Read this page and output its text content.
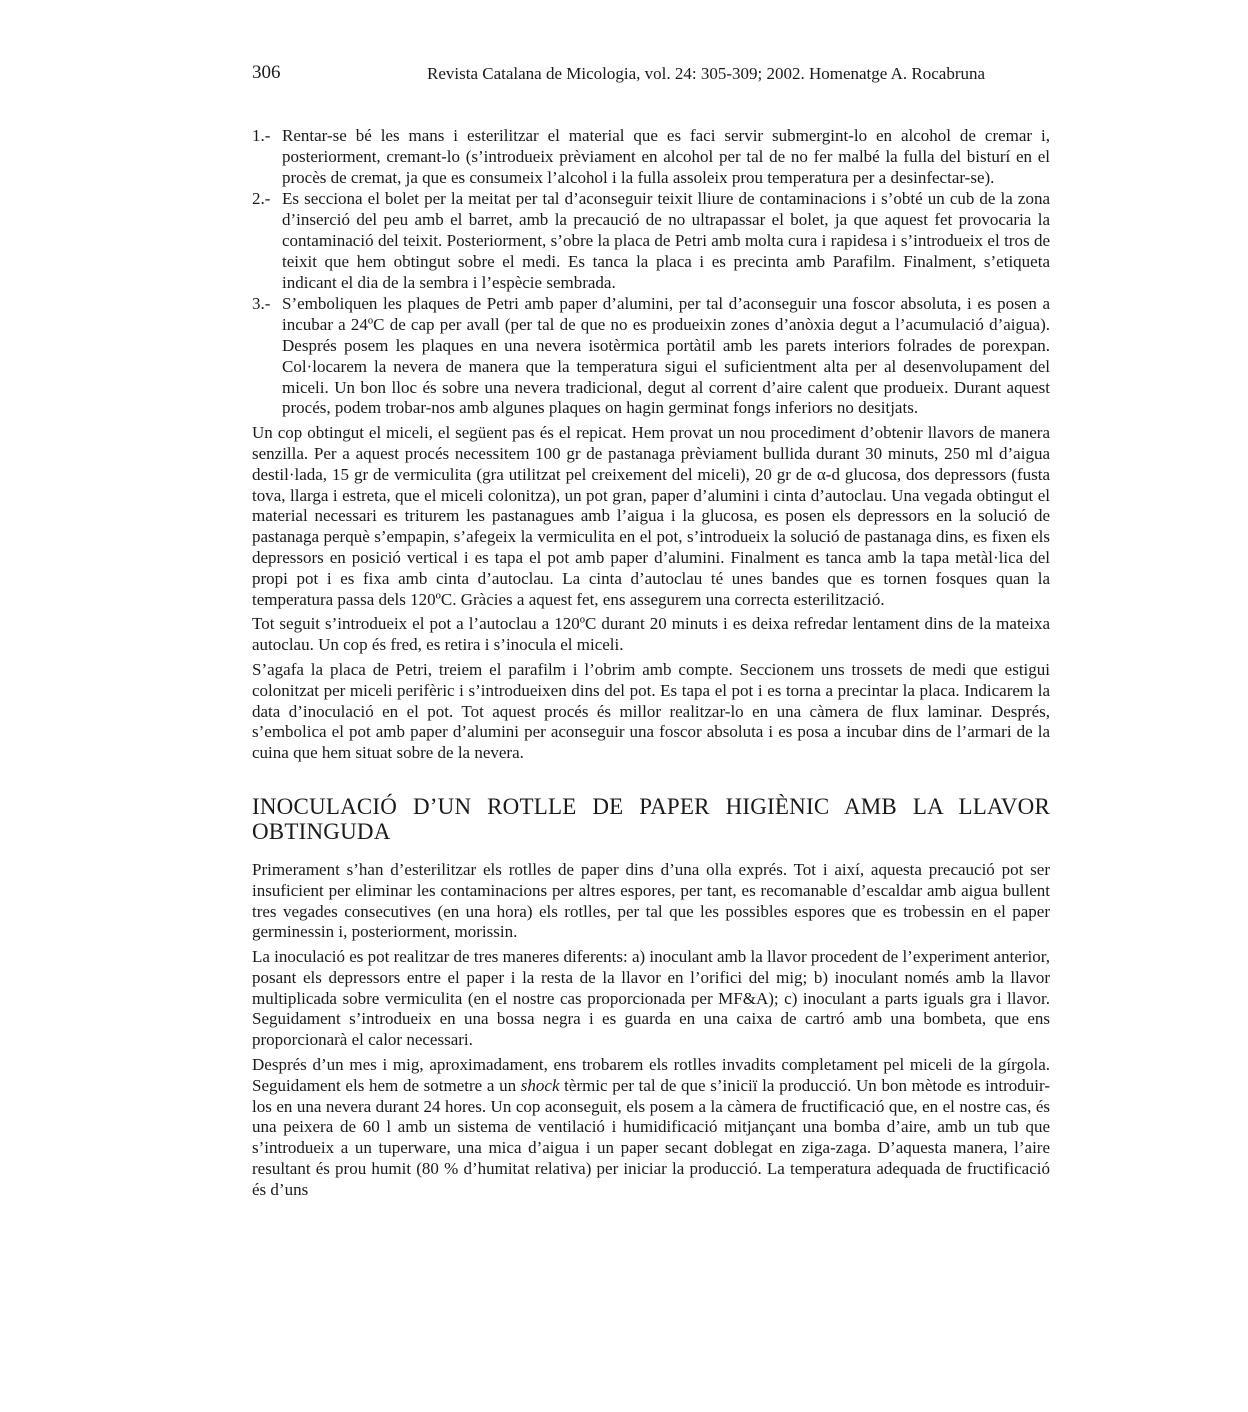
306	Revista Catalana de Micologia, vol. 24: 305-309; 2002. Homenatge A. Rocabruna
1.- Rentar-se bé les mans i esterilitzar el material que es faci servir submergint-lo en alcohol de cremar i, posteriorment, cremant-lo (s’introdueix prèviament en alcohol per tal de no fer malbé la fulla del bisturí en el procès de cremat, ja que es consumeix l’alcohol i la fulla assoleix prou temperatura per a desinfectar-se).
2.- Es secciona el bolet per la meitat per tal d’aconseguir teixit lliure de contaminacions i s’obté un cub de la zona d’inserció del peu amb el barret, amb la precaució de no ultrapassar el bolet, ja que aquest fet provocaria la contaminació del teixit. Posteriorment, s’obre la placa de Petri amb molta cura i rapidesa i s’introdueix el tros de teixit que hem obtingut sobre el medi. Es tanca la placa i es precinta amb Parafilm. Finalment, s’etiqueta indicant el dia de la sembra i l’espècie sembrada.
3.- S’emboliquen les plaques de Petri amb paper d’alumini, per tal d’aconseguir una foscor absoluta, i es posen a incubar a 24ºC de cap per avall (per tal de que no es produeixin zones d’anòxia degut a l’acumulació d’aigua). Després posem les plaques en una nevera isotèrmica portàtil amb les parets interiors folrades de porexpan. Col·locarem la nevera de manera que la temperatura sigui el suficientment alta per al desenvolupament del miceli. Un bon lloc és sobre una nevera tradicional, degut al corrent d’aire calent que produeix. Durant aquest procés, podem trobar-nos amb algunes plaques on hagin germinat fongs inferiors no desitjats.

Un cop obtingut el miceli, el següent pas és el repicat. Hem provat un nou procediment d’obtenir llavors de manera senzilla. Per a aquest procés necessitem 100 gr de pastanaga prèviament bullida durant 30 minuts, 250 ml d’aigua destil·lada, 15 gr de vermiculita (gra utilitzat pel creixement del miceli), 20 gr de α-d glucosa, dos depressors (fusta tova, llarga i estreta, que el miceli colonitza), un pot gran, paper d’alumini i cinta d’autoclau. Una vegada obtingut el material necessari es triturem les pastanagues amb l’aigua i la glucosa, es posen els depressors en la solució de pastanaga perquè s’empapin, s’afegeix la vermiculita en el pot, s’introdueix la solució de pastanaga dins, es fixen els depressors en posició vertical i es tapa el pot amb paper d’alumini. Finalment es tanca amb la tapa metàl·lica del propi pot i es fixa amb cinta d’autoclau. La cinta d’autoclau té unes bandes que es tornen fosques quan la temperatura passa dels 120ºC. Gràcies a aquest fet, ens assegurem una correcta esterilització.

Tot seguit s’introdueix el pot a l’autoclau a 120ºC durant 20 minuts i es deixa refredar lentament dins de la mateixa autoclau. Un cop és fred, es retira i s’inocula el miceli.

S’agafa la placa de Petri, treiem el parafilm i l’obrim amb compte. Seccionem uns trossets de medi que estigui colonitzat per miceli perifèric i s’introdueixen dins del pot. Es tapa el pot i es torna a precintar la placa. Indicarem la data d’inoculació en el pot. Tot aquest procés és millor realitzar-lo en una càmera de flux laminar. Després, s’embolica el pot amb paper d’alumini per aconseguir una foscor absoluta i es posa a incubar dins de l’armari de la cuina que hem situat sobre de la nevera.

INOCULACIÓ D’UN ROTLLE DE PAPER HIGIÈNIC AMB LA LLAVOR OBTINGUDA

Primerament s’han d’esterilitzar els rotlles de paper dins d’una olla exprés. Tot i així, aquesta precaució pot ser insuficient per eliminar les contaminacions per altres espores, per tant, es recomanable d’escaldar amb aigua bullent tres vegades consecutives (en una hora) els rotlles, per tal que les possibles espores que es trobessin en el paper germinessin i, posteriorment, morissin.

La inoculació es pot realitzar de tres maneres diferents: a) inoculant amb la llavor procedent de l’experiment anterior, posant els depressors entre el paper i la resta de la llavor en l’orifici del mig; b) inoculant només amb la llavor multiplicada sobre vermiculita (en el nostre cas proporcionada per MF&A); c) inoculant a parts iguals gra i llavor. Seguidament s’introdueix en una bossa negra i es guarda en una caixa de cartró amb una bombeta, que ens proporcionarà el calor necessari.

Després d’un mes i mig, aproximadament, ens trobarem els rotlles invadits completament pel miceli de la gírgola. Seguidament els hem de sotmetre a un shock tèrmic per tal de que s’iniciï la producció. Un bon mètode es introduir-los en una nevera durant 24 hores. Un cop aconseguit, els posem a la càmera de fructificació que, en el nostre cas, és una peixera de 60 l amb un sistema de ventilació i humidificació mitjançant una bomba d’aire, amb un tub que s’introdueix a un tuperware, una mica d’aigua i un paper secant doblegat en ziga-zaga. D’aquesta manera, l’aire resultant és prou humit (80 % d’humitat relativa) per iniciar la producció. La temperatura adequada de fructificació és d’uns
